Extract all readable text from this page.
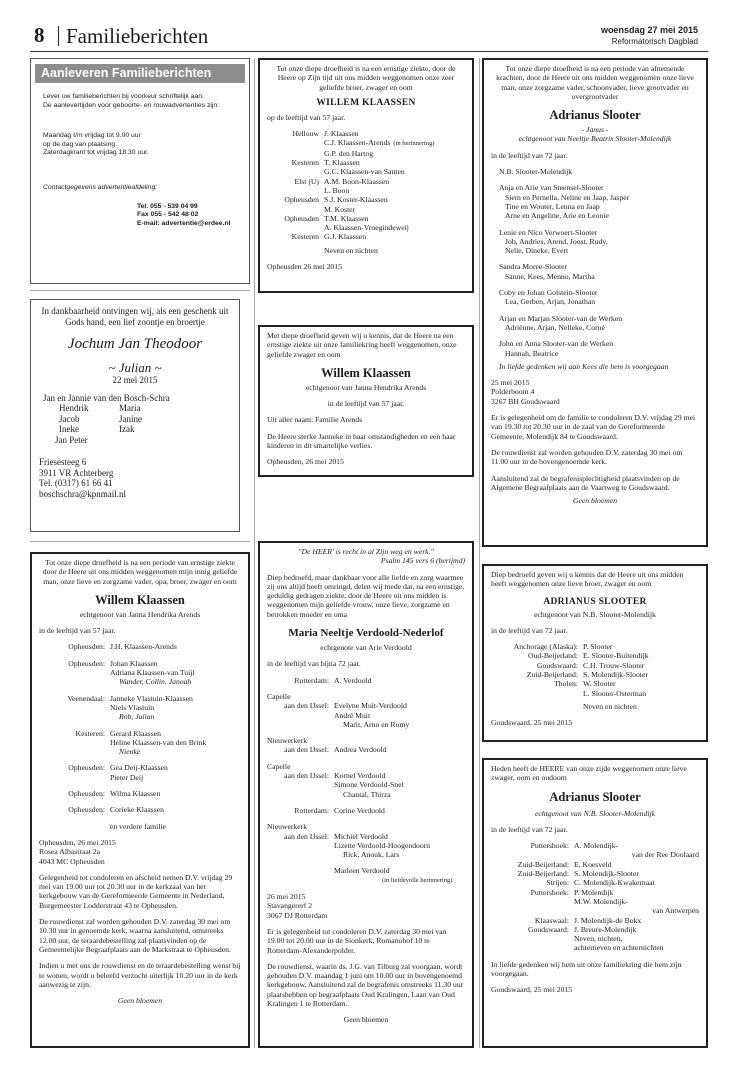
8 Familieberichten	woensdag 27 mei 2015
Reformatorisch Dagblad
Aanleveren Familieberichten
Lever uw familieberichten bij voorkeur schriftelijk aan.
De aanlevertijden voor geboorte- en rouwadvertenties zijn:
Maandag t/m vrijdag tot 9.00 uur
op de dag van plaatsing.
Zaterdagkrant tot vrijdag 18.30 uur.
Contactgegevens advertentieafdeling:
Tel. 055 - 539 04 99
Fax 055 - 542 48 02
E-mail: advertentie@erdee.nl
In dankbaarheid ontvingen wij, als een geschenk uit Gods hand, een lief zoontje en broertje
Jochum Jan Theodoor
~ Julian ~
22 mei 2015
Jan en Jannie van den Bosch-Schra
Hendrik	Maria
Jacob	Janine
Ineke	Izak
Jan Peter
Friesesteeg 6
3911 VR Achterberg
Tel. (0317) 61 66 41
boschschra@kpnmail.nl
Tot onze diepe droefheid is na een ernstige ziekte, door de Heere op Zijn tijd uit ons midden weggenomen onze zeer geliefde broer, zwager en oom
WILLEM KLAASSEN
op de leeftijd van 57 jaar.
Hellouw J. Klaassen
C.J. Klaassen-Arends (in herinnering)
G.P. den Hartog
Kesteren T. Klaassen
G.C. Klaassen-van Santen
Elst (U) A.M. Boon-Klaassen
L. Boon
Opheusden S.J. Koster-Klaassen
M. Koster
Opheusden T.M. Klaassen
A. Klaassen-Vroegindeweij
Kesteren G.J. Klaassen
Neven en nichten
Opheusden 26 mei 2015
Met diepe droefheid geven wij u kennis, dat de Heere na een ernstige ziekte uit onze familiekring heeft weggenomen, onze geliefde zwager en oom
Willem Klaassen
echtgenoot van Janna Hendrika Arends
in de leeftijd van 57 jaar.
Uit aller naam: Familie Arends
De Heere sterke Janneke in haar omstandigheden en een haar kinderen in dit smartelijke verlies.
Opheusden, 26 mei 2015
Tot onze diepe droefheid is na een periode van afnemende krachten, door de Heere uit ons midden weggenomen onze lieve man, onze zorgzame vader, schoonvader, lieve grootvader en overgrootvader
Adrianus Slooter
- Janus -
echtgenoot van Neeltje Beatrix Slooter-Molendijk
in de leeftijd van 72 jaar.
N.B. Slooter-Molendijk
Anja en Arie van Steensel-Slooter
Siem en Pernella, Neline en Jaap, Jasper
Tine en Wouter, Lenna en Jaap
Arne en Angeline, Arie en Leonie
Lenie en Nico Verwoert-Slooter
Job, Andries, Arend, Joost, Rudy,
Nelie, Dineke, Evert
Sandra Moree-Slooter
Sanne, Kees, Menno, Martha
Coby en Johan Golstein-Slooter
Lea, Gerben, Arjan, Jonathan
Arjan en Marjan Slooter-van de Werken
Adriënne, Arjan, Nelleke, Corné
John en Anna Slooter-van de Werken
Hannah, Beatrice
In liefde gedenken wij aan Kees die hem is voorgegaan
25 mei 2015
Polderboom 4
3267 BH Goudswaard
Er is gelegenheid om de familie te condoleren D.V. vrijdag 29 mei van 19.30 tot 20.30 uur in de zaal van de Gereformeerde Gemeente, Molendijk 84 te Goudswaard.
De rouwdienst zal worden gehouden D.V. zaterdag 30 mei om 11.00 uur in de bovengenoemde kerk.
Aansluitend zal de begrafenisplechtigheid plaatsvinden op de Algemene Begraafplaats aan de Vaartweg te Goudswaard.
Geen bloemen
Tot onze diepe droefheid is na een periode van ernstige ziekte door de Heere uit ons midden weggenomen mijn innig geliefde man, onze lieve en zorgzame vader, opa, broer, zwager en oom
Willem Klaassen
echtgenoot van Janna Hendrika Arends
in de leeftijd van 57 jaar.
Opheusden: J.H. Klaassen-Arends
Opheusden: Johan Klaassen
Adriana Klaassen-van Tuijl
Wander, Collin, Janoah
Veenendaal: Janneke Vlastuin-Klaassen
Niels Vlastuin
Rob, Julian
Kesteren: Gerard Klaassen
Heline Klaassen-van den Brink
Nienke
Opheusden: Gea Deij-Klaassen
Pieter Deij
Opheusden: Wilma Klaassen
Opheusden: Corieke Klaassen
en verdere familie
Opheusden, 26 mei 2015
Rosea Albastraat 2a
4043 MC Opheusden
Gelegenheid tot condoleren en afscheid nemen D.V. vrijdag 29 mei van 19.00 uur tot 20.30 uur in de kerkzaal van het kerkgebouw van de Gereformeerde Gemeente in Nederland, Burgemeester Lodderstraat 43 te Opheusden.
De rouwdienst zal worden gehouden D.V. zaterdag 30 mei om 10.30 uur in genoemde kerk, waarna aansluitend, omstreeks 12.00 uur, de teraardebestelling zal plaatsvinden op de Gemeentelijke Begraafplaats aan de Markstraat te Opheusden.
Indien u met ons de rouwdienst en de teraardebestelling wenst bij te wonen, wordt u beleefd verzocht uiterlijk 10.20 uur in de kerk aanwezig te zijn.
Geen bloemen
"De HEER' is recht in al Zijn weg en werk."
Psalm 145 vers 6 (berijmd)
Diep bedroefd, maar dankbaar voor alle liefde en zorg waarmee zij ons altijd heeft omringd, delen wij mede dat, na een ernstige, geduldig gedragen ziekte, door de Heere uit ons midden is weggenomen mijn geliefde vrouw, onze lieve, zorgzame en betrokken moeder en oma
Maria Neeltje Verdoold-Nederlof
echtgenote van Arie Verdoold
in de leeftijd van bijna 72 jaar.
Rotterdam: A. Verdoold
Capelle
aan den IJssel: Evelyne Muit-Verdoold
André Muit
Marit, Arno en Romy
Nieuwerkerk
aan den IJssel: Andrea Verdoold
Capelle
aan den IJssel: Kornel Verdoold
Simone Verdoold-Snel
Chantal, Thirza
Rotterdam: Corine Verdoold
Nieuwerkerk
aan den IJssel: Michiel Verdoold
Lizette Verdoold-Hoogendoorn
Rick, Anouk, Lars
Marleen Verdoold
(in liefdevolle herinnering)
26 mei 2015
Stavangererf 2
3067 DJ Rotterdam
Er is gelegenheid tot condoleren D.V. zaterdag 30 mei van 19.00 tot 20.00 uur in de Sionkerk, Romanohof 10 te Rotterdam-Alexanderpolder.
De rouwdienst, waarin ds. J.G. van Tilburg zal voorgaan, wordt gehouden D.V. maandag 1 juni om 10.00 uur in bovengenoemd kerkgebouw. Aansluitend zal de begrafenis omstreeks 11.30 uur plaatshebben op begraafplaats Oud Kralingen, Laan van Oud Kralingen 1 te Rotterdam.
Geen bloemen
Diep bedroefd geven wij u kennis dat de Heere uit ons midden heeft weggenomen onze lieve broer, zwager en oom
ADRIANUS SLOOTER
echtgenoot van N.B. Slooter-Molendijk
in de leeftijd van 72 jaar.
Anchorage (Alaska): P. Slooter
Oud-Beijerland: E. Slooter-Buitendijk
Goudswaard: C.H. Trouw-Slooter
Zuid-Beijerland: S. Molendijk-Slooter
Tholen: W. Slooter
L. Slooter-Osterman
Neven en nichten
Goudswaard, 25 mei 2015
Heden heeft de HEERE van onze zijde weggenomen onze lieve zwager, oom en oudoom
Adrianus Slooter
echtgenoot van N.B. Slooter-Molendijk
in de leeftijd van 72 jaar.
Puttershoek: A. Molendijk-
van der Ree Doolaard
Zuid-Beijerland: E. Koesveld
Zuid-Beijerland: S. Molendijk-Slooter
Strijen: C. Molendijk-Kwakernaat
Puttershoek: P. Molendijk
M.W. Molendijk-
van Antwerpen
Klaaswaal: J. Molendijk-de Bokx
Goudswaard: J. Breure-Molendijk
Neven, nichten,
achterneven en achternichten
In liefde gedenken wij hem uit onze familiekring die hem zijn voorgegaan.
Goudswaard, 25 mei 2015
